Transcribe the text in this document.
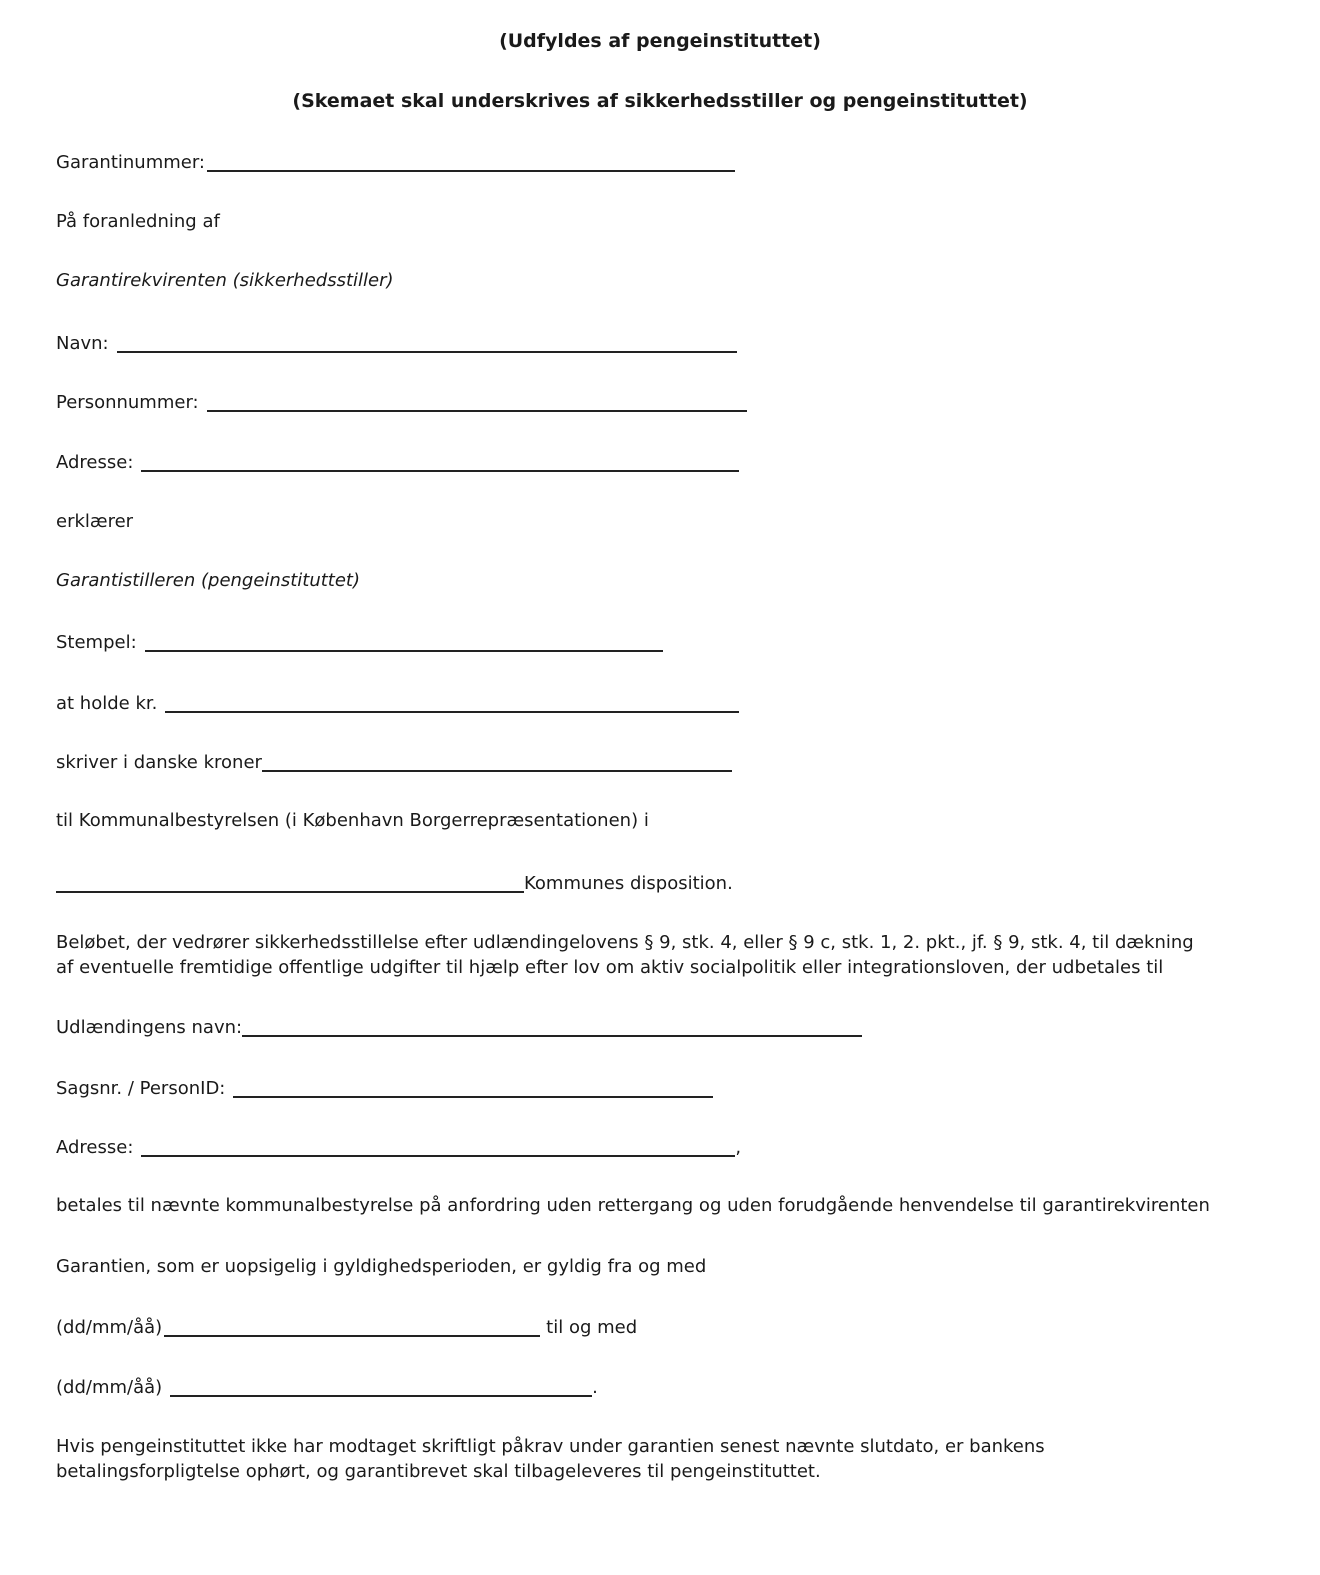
(Udfyldes af pengeinstituttet)
(Skemaet skal underskrives af sikkerhedsstiller og pengeinstituttet)
Garantinummer:
På foranledning af
Garantirekvirenten (sikkerhedsstiller)
Navn:
Personnummer:
Adresse:
erklærer
Garantistilleren (pengeinstituttet)
Stempel:
at holde kr.
skriver i danske kroner
til Kommunalbestyrelsen (i København Borgerrepræsentationen) i
Kommunes disposition.
Beløbet, der vedrører sikkerhedsstillelse efter udlændingelovens § 9, stk. 4, eller § 9 c, stk. 1, 2. pkt., jf. § 9, stk. 4, til dækning
af eventuelle fremtidige offentlige udgifter til hjælp efter lov om aktiv socialpolitik eller integrationsloven, der udbetales til
Udlændingens navn:
Sagsnr. / PersonID:
Adresse:	,
betales til nævnte kommunalbestyrelse på anfordring uden rettergang og uden forudgående henvendelse til garantirekvirenten
Garantien, som er uopsigelig i gyldighedsperioden, er gyldig fra og med
(dd/mm/åå)	til og med
(dd/mm/åå)	.
Hvis pengeinstituttet ikke har modtaget skriftligt påkrav under garantien senest nævnte slutdato, er bankens
betalingsforpligtelse ophørt, og garantibrevet skal tilbageleveres til pengeinstituttet.
